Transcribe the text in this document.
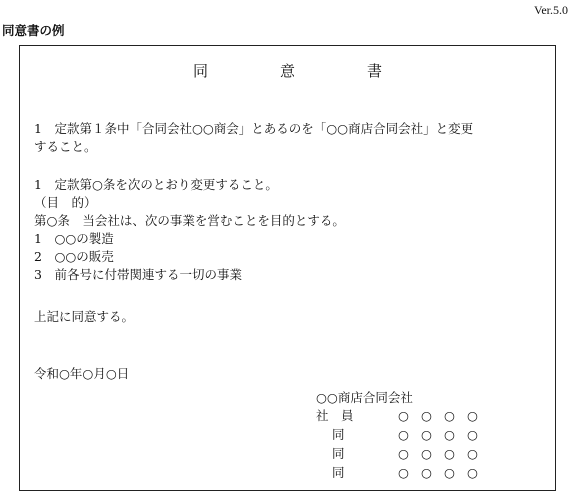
Ver.5.0
同意書の例
同	意	書
1　定款第１条中「合同会社○○商会」とあるのを「○○商店合同会社」と変更
すること。
1　定款第○条を次のとおり変更すること。
（目　的）
第○条　当会社は、次の事業を営むことを目的とする。
1　○○の製造
2　○○の販売
3　前各号に付帯関連する一切の事業
上記に同意する。
令和○年○月○日
○○商店合同会社
社　員	○ ○ ○ ○
同	○ ○ ○ ○
同	○ ○ ○ ○
同	○ ○ ○ ○
